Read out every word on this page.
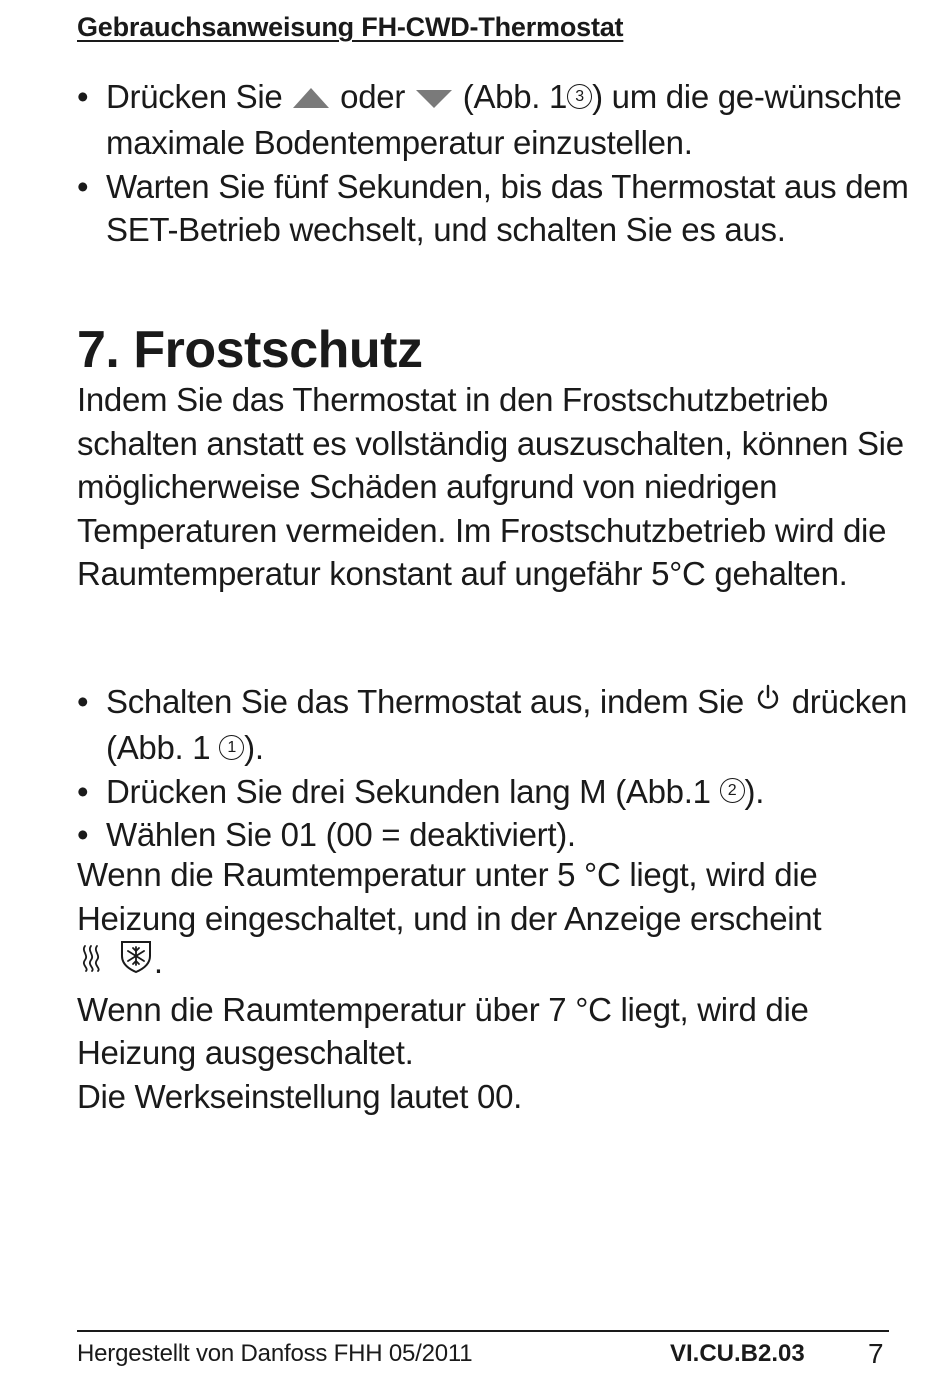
Gebrauchsanweisung FH-CWD-Thermostat
• Drücken Sie  oder  (Abb. 1 3 ) um die ge-wünschte maximale Bodentemperatur einzustellen.
• Warten Sie fünf Sekunden, bis das Thermostat aus dem SET-Betrieb wechselt, und schalten Sie es aus.
7. Frostschutz

Indem Sie das Thermostat in den Frostschutzbetrieb schalten anstatt es vollständig auszuschalten, können Sie möglicherweise Schäden aufgrund von niedrigen Temperaturen vermeiden. Im Frostschutzbetrieb wird die Raumtemperatur konstant auf ungefähr 5°C gehalten.

• Schalten Sie das Thermostat aus, indem Sie  drücken (Abb. 1 1 ).
• Drücken Sie drei Sekunden lang M (Abb.1 2 ).
• Wählen Sie 01 (00 = deaktiviert).
Wenn die Raumtemperatur unter 5 °C liegt, wird die Heizung eingeschaltet, und in der Anzeige erscheint
.
Wenn die Raumtemperatur über 7 °C liegt, wird die Heizung ausgeschaltet.
Die Werkseinstellung lautet 00.
Hergestellt von Danfoss FHH 05/2011	VI.CU.B2.03 7
